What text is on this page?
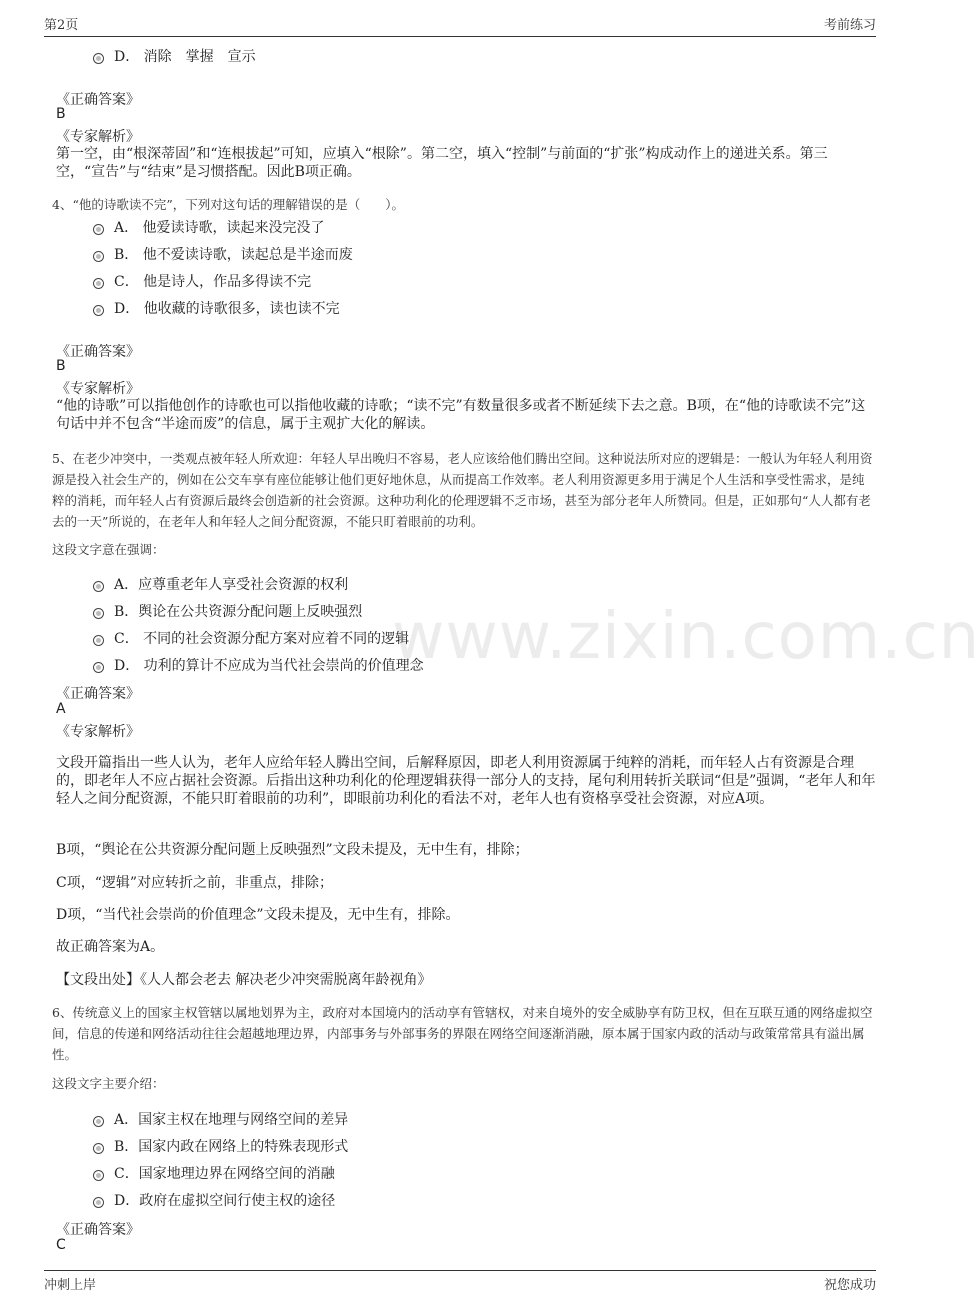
第2页	考前练习
www.zixin.com.cn
D． 消除　掌握　宣示
《正确答案》
B
《专家解析》
第一空，由“根深蒂固”和“连根拔起”可知，应填入“根除”。第二空，填入“控制”与前面的“扩张”构成动作上的递进关系。第三空，“宣告”与“结束”是习惯搭配。因此B项正确。
4、“他的诗歌读不完”，下列对这句话的理解错误的是（　　）。
A． 他爱读诗歌，读起来没完没了
B． 他不爱读诗歌，读起总是半途而废
C． 他是诗人，作品多得读不完
D． 他收藏的诗歌很多，读也读不完
《正确答案》
B
《专家解析》
“他的诗歌”可以指他创作的诗歌也可以指他收藏的诗歌；“读不完”有数量很多或者不断延续下去之意。B项，在“他的诗歌读不完”这句话中并不包含“半途而废”的信息，属于主观扩大化的解读。
5、在老少冲突中，一类观点被年轻人所欢迎：年轻人早出晚归不容易，老人应该给他们腾出空间。这种说法所对应的逻辑是：一般认为年轻人利用资源是投入社会生产的，例如在公交车享有座位能够让他们更好地休息，从而提高工作效率。老人利用资源更多用于满足个人生活和享受性需求，是纯粹的消耗，而年轻人占有资源后最终会创造新的社会资源。这种功利化的伦理逻辑不乏市场，甚至为部分老年人所赞同。但是，正如那句“人人都有老去的一天”所说的，在老年人和年轻人之间分配资源，不能只盯着眼前的功利。
这段文字意在强调：
A．应尊重老年人享受社会资源的权利
B．舆论在公共资源分配问题上反映强烈
C． 不同的社会资源分配方案对应着不同的逻辑
D． 功利的算计不应成为当代社会崇尚的价值理念
《正确答案》
A
《专家解析》
文段开篇指出一些人认为，老年人应给年轻人腾出空间，后解释原因，即老人利用资源属于纯粹的消耗，而年轻人占有资源是合理的，即老年人不应占据社会资源。后指出这种功利化的伦理逻辑获得一部分人的支持，尾句利用转折关联词“但是”强调，“老年人和年轻人之间分配资源，不能只盯着眼前的功利”，即眼前功利化的看法不对，老年人也有资格享受社会资源，对应A项。
B项，“舆论在公共资源分配问题上反映强烈”文段未提及，无中生有，排除；
C项，“逻辑”对应转折之前，非重点，排除；
D项，“当代社会崇尚的价值理念”文段未提及，无中生有，排除。
故正确答案为A。
【文段出处】《人人都会老去 解决老少冲突需脱离年龄视角》
6、传统意义上的国家主权管辖以属地划界为主，政府对本国境内的活动享有管辖权，对来自境外的安全威胁享有防卫权，但在互联互通的网络虚拟空间，信息的传递和网络活动往往会超越地理边界，内部事务与外部事务的界限在网络空间逐渐消融，原本属于国家内政的活动与政策常常具有溢出属性。
这段文字主要介绍：
A．国家主权在地理与网络空间的差异
B．国家内政在网络上的特殊表现形式
C．国家地理边界在网络空间的消融
D．政府在虚拟空间行使主权的途径
《正确答案》
C
冲刺上岸	祝您成功
